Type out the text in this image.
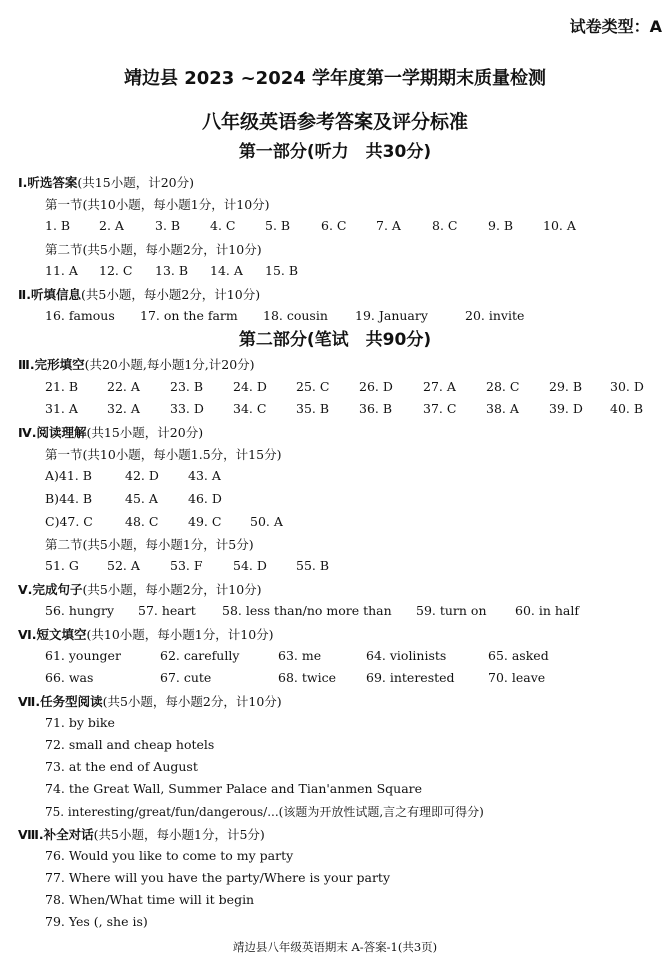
试卷类型：A
靖边县 2023 ~2024 学年度第一学期期末质量检测
八年级英语参考答案及评分标准
第一部分(听力　共30分)
Ⅰ.听选答案(共15小题，计20分)
第一节(共10小题，每小题1分，计10分)
1. B 2. A 3. B 4. C 5. B 6. C 7. A 8. C 9. B 10. A
第二节(共5小题，每小题2分，计10分)
11. A 12. C 13. B 14. A 15. B
Ⅱ.听填信息(共5小题，每小题2分，计10分)
16. famous 17. on the farm 18. cousin 19. January	20. invite
第二部分(笔试　共90分)
Ⅲ.完形填空(共20小题,每小题1分,计20分)
21. B 22. A 23. B 24. D 25. C 26. D 27. A 28. C 29. B 30. D
31. A 32. A 33. D 34. C 35. B 36. B 37. C 38. A 39. D 40. B
Ⅳ.阅读理解(共15小题，计20分)
第一节(共10小题，每小题1.5分，计15分)
A)41. B	42. D 43. A
B)44. B	45. A 46. D
C)47. C	48. C 49. C 50. A
第二节(共5小题，每小题1分，计5分)
51. G 52. A 53. F 54. D 55. B
Ⅴ.完成句子(共5小题，每小题2分，计10分)
56. hungry 57. heart 58. less than/no more than 59. turn on 60. in half
Ⅵ.短文填空(共10小题，每小题1分，计10分)
61. younger	62. carefully	63. me	64. violinists	65. asked
66. was	67. cute	68. twice 69. interested	70. leave
Ⅶ.任务型阅读(共5小题，每小题2分，计10分)
71. by bike
72. small and cheap hotels
73. at the end of August
74. the Great Wall, Summer Palace and Tian'anmen Square
75. interesting/great/fun/dangerous/...(该题为开放性试题,言之有理即可得分)
Ⅷ.补全对话(共5小题，每小题1分，计5分)
76. Would you like to come to my party
77. Where will you have the party/Where is your party
78. When/What time will it begin
79. Yes (, she is)
靖边县八年级英语期末 A-答案-1(共3页)
